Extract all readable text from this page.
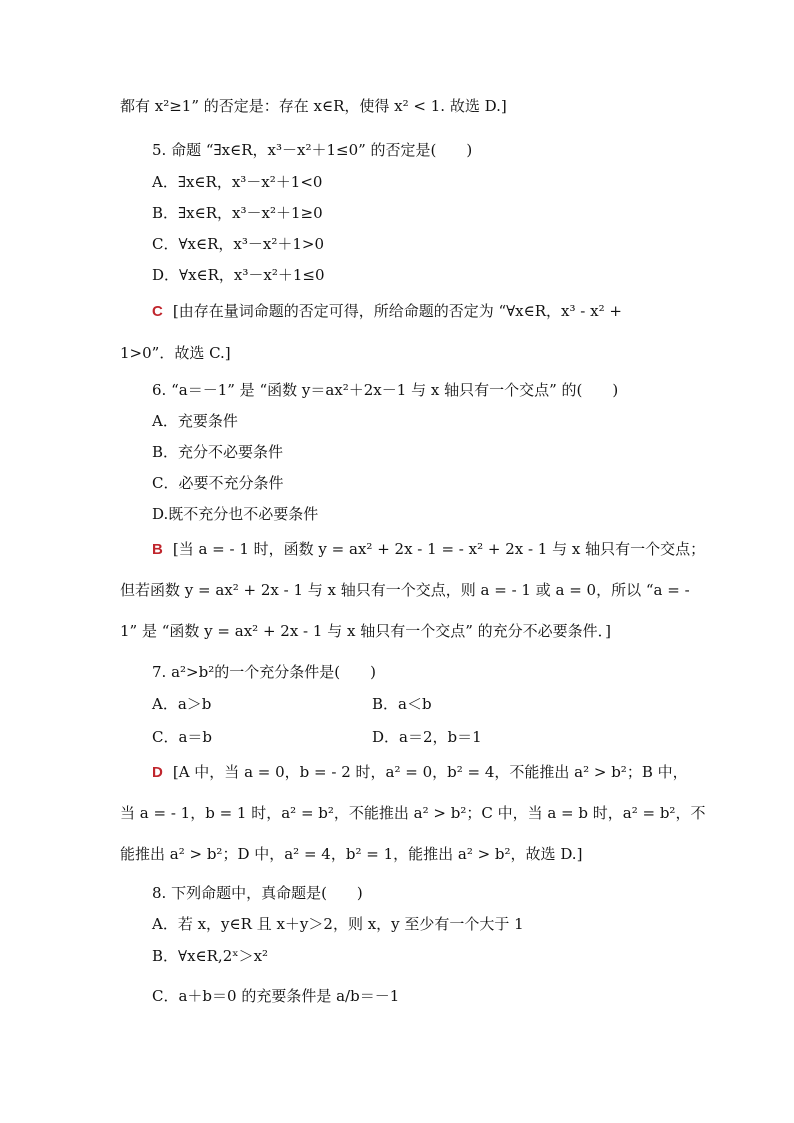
都有 x²≥1” 的否定是：存在 x∈R，使得 x² < 1. 故选 D.]
5. 命题 “∃x∈R，x³－x²＋1≤0” 的否定是(　　)
A．∃x∈R，x³－x²＋1<0
B．∃x∈R，x³－x²＋1≥0
C．∀x∈R，x³－x²＋1>0
D．∀x∈R，x³－x²＋1≤0
C [由存在量词命题的否定可得，所给命题的否定为 “∀x∈R，x³ - x² +
1>0”．故选 C.]
6. “a＝－1” 是 “函数 y＝ax²＋2x－1 与 x 轴只有一个交点” 的(　　)
A．充要条件
B．充分不必要条件
C．必要不充分条件
D.既不充分也不必要条件
B [当 a = - 1 时，函数 y = ax² + 2x - 1 = - x² + 2x - 1 与 x 轴只有一个交点；
但若函数 y = ax² + 2x - 1 与 x 轴只有一个交点，则 a = - 1 或 a = 0，所以 “a = -
1” 是 “函数 y = ax² + 2x - 1 与 x 轴只有一个交点” 的充分不必要条件．]
7. a²>b²的一个充分条件是(　　)
A．a＞b	B．a＜b
C．a＝b	D．a＝2，b＝1
D [A 中，当 a = 0，b = - 2 时，a² = 0，b² = 4，不能推出 a² > b²；B 中，
当 a = - 1，b = 1 时，a² = b²，不能推出 a² > b²；C 中，当 a = b 时，a² = b²，不
能推出 a² > b²；D 中，a² = 4，b² = 1，能推出 a² > b²，故选 D.]
8. 下列命题中，真命题是(　　)
A．若 x，y∈R 且 x＋y＞2，则 x，y 至少有一个大于 1
B．∀x∈R,2ˣ＞x²
C．a＋b＝0 的充要条件是 a/b＝－1
